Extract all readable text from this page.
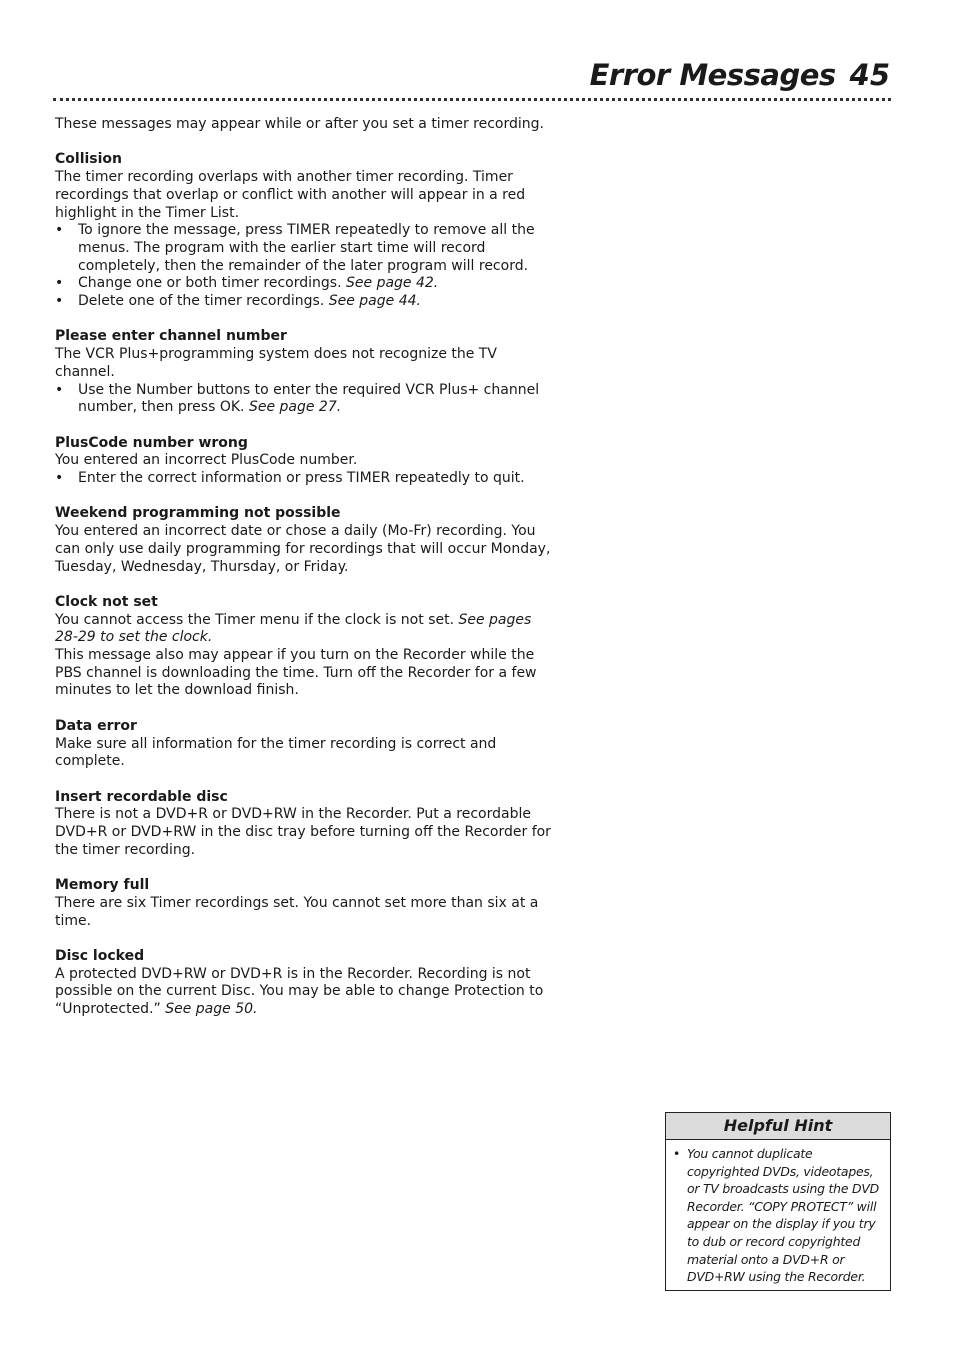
Error Messages 45

These messages may appear while or after you set a timer recording.

Collision

The timer recording overlaps with another timer recording. Timer recordings that overlap or conflict with another will appear in a red highlight in the Timer List.

• To ignore the message, press TIMER repeatedly to remove all the menus. The program with the earlier start time will record completely, then the remainder of the later program will record.
• Change one or both timer recordings. See page 42.
• Delete one of the timer recordings. See page 44.
Please enter channel number

The VCR Plus+programming system does not recognize the TV channel.

• Use the Number buttons to enter the required VCR Plus+ channel number, then press OK. See page 27.
PlusCode number wrong

You entered an incorrect PlusCode number.

• Enter the correct information or press TIMER repeatedly to quit.
Weekend programming not possible

You entered an incorrect date or chose a daily (Mo-Fr) recording. You can only use daily programming for recordings that will occur Monday, Tuesday, Wednesday, Thursday, or Friday.

Clock not set

You cannot access the Timer menu if the clock is not set. See pages 28-29 to set the clock.

This message also may appear if you turn on the Recorder while the PBS channel is downloading the time. Turn off the Recorder for a few minutes to let the download finish.

Data error

Make sure all information for the timer recording is correct and complete.

Insert recordable disc

There is not a DVD+R or DVD+RW in the Recorder. Put a recordable DVD+R or DVD+RW in the disc tray before turning off the Recorder for the timer recording.

Memory full

There are six Timer recordings set. You cannot set more than six at a time.

Disc locked

A protected DVD+RW or DVD+R is in the Recorder. Recording is not possible on the current Disc. You may be able to change Protection to “Unprotected.” See page 50.

Helpful Hint
• You cannot duplicate copyrighted DVDs, videotapes, or TV broadcasts using the DVD Recorder. “COPY PROTECT” will appear on the display if you try to dub or record copyrighted material onto a DVD+R or DVD+RW using the Recorder.
